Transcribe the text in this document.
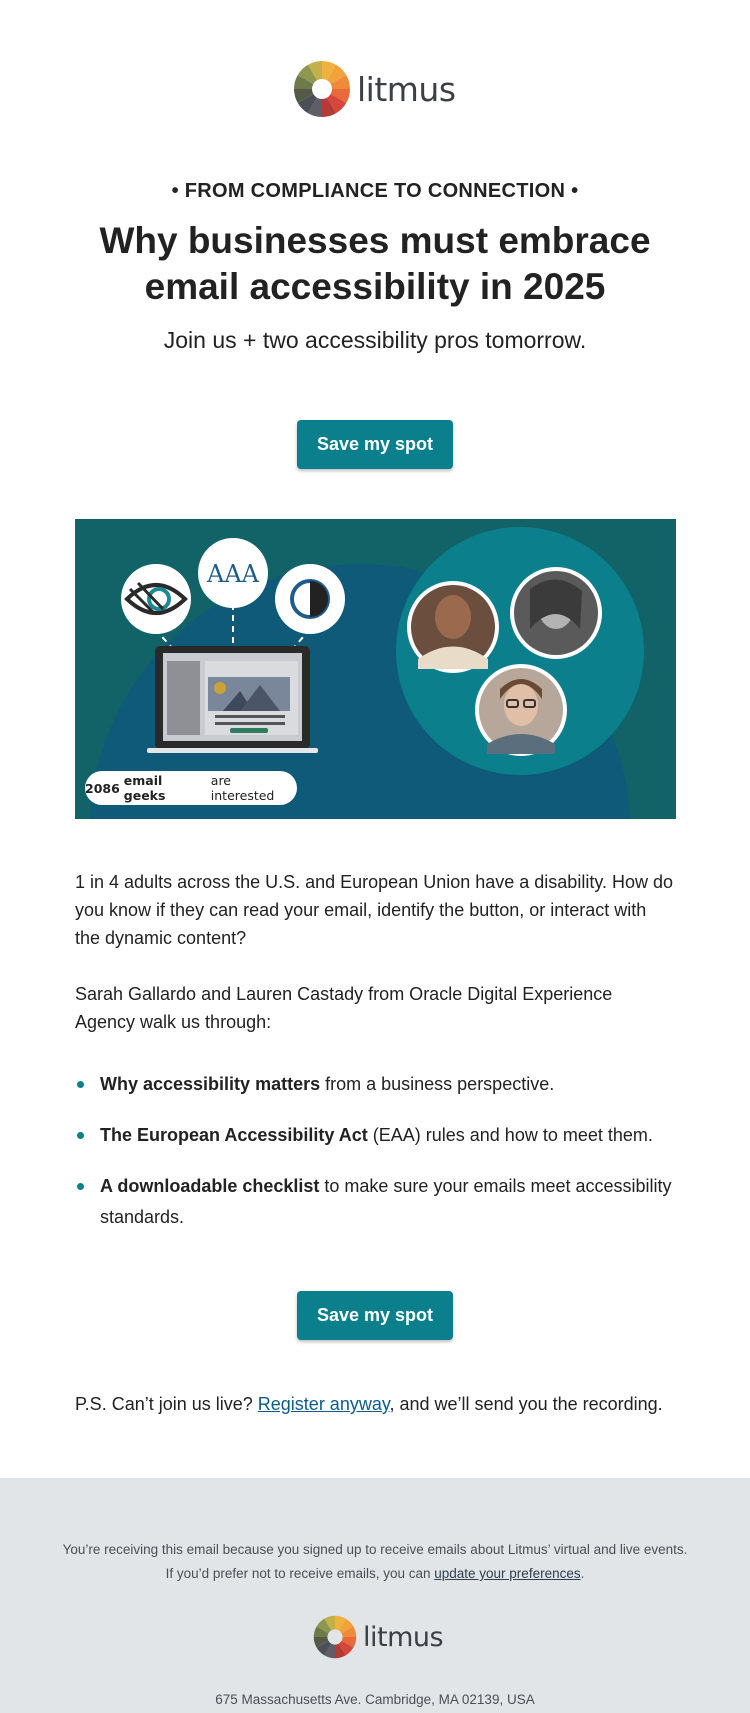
litmus
• FROM COMPLIANCE TO CONNECTION •
Why businesses must embrace email accessibility in 2025
Join us + two accessibility pros tomorrow.
Save my spot
AAA
2086
email geeks

are interested

1 in 4 adults across the U.S. and European Union have a disability. How do you know if they can read your email, identify the button, or interact with the dynamic content?

Sarah Gallardo and Lauren Castady from Oracle Digital Experience Agency walk us through:

Why accessibility matters from a business perspective.
The European Accessibility Act (EAA) rules and how to meet them.
A downloadable checklist to make sure your emails meet accessibility standards.
Save my spot
P.S. Can’t join us live? Register anyway, and we’ll send you the recording.
You’re receiving this email because you signed up to receive emails about Litmus’ virtual and live events. If you’d prefer not to receive emails, you can update your preferences.
litmus
675 Massachusetts Ave. Cambridge, MA 02139, USA
